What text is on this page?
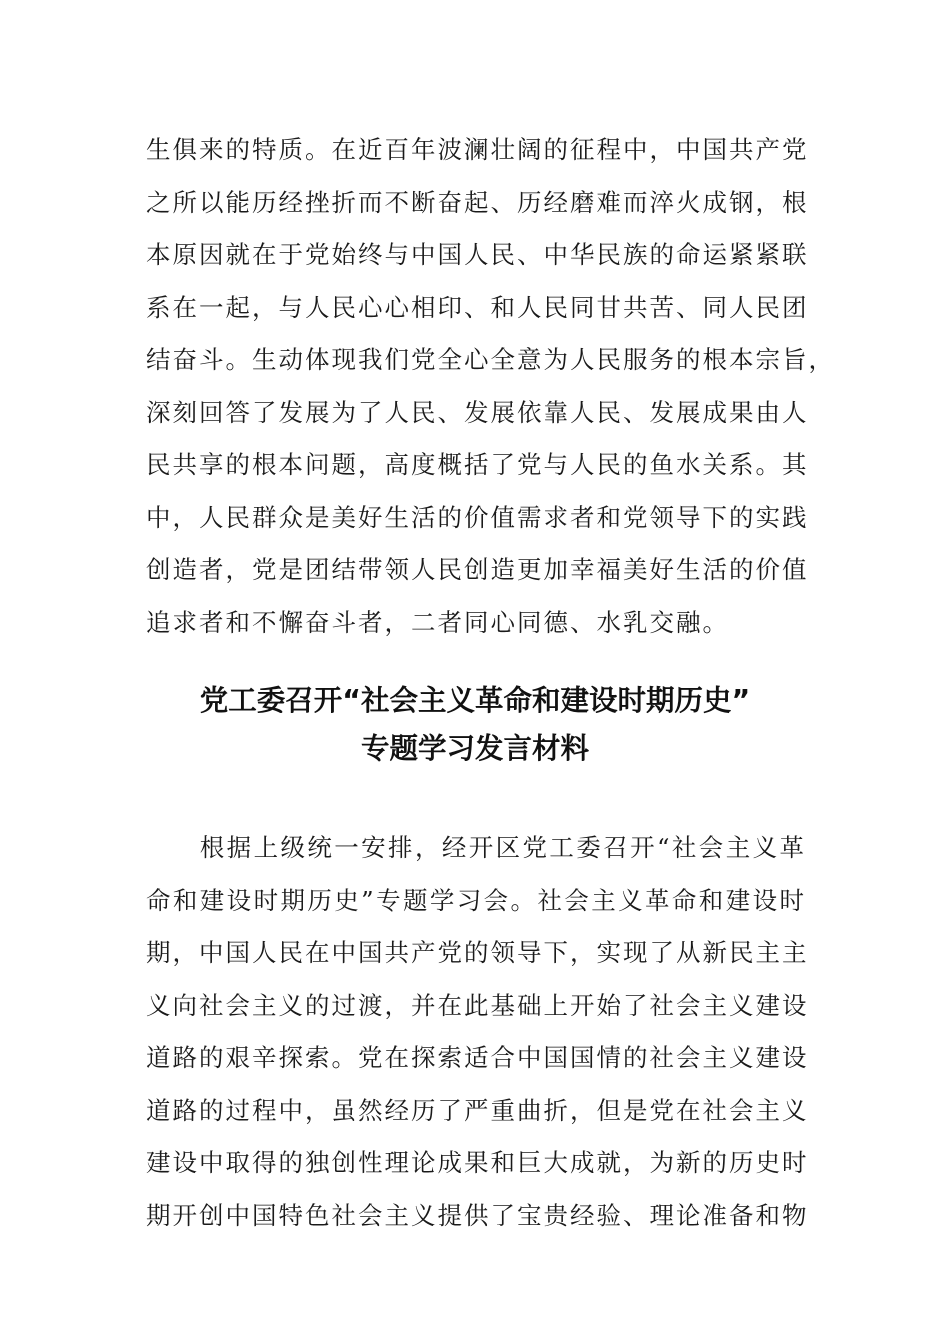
生俱来的特质。在近百年波澜壮阔的征程中，中国共产党
之所以能历经挫折而不断奋起、历经磨难而淬火成钢，根
本原因就在于党始终与中国人民、中华民族的命运紧紧联
系在一起，与人民心心相印、和人民同甘共苦、同人民团
结奋斗。生动体现我们党全心全意为人民服务的根本宗旨，
深刻回答了发展为了人民、发展依靠人民、发展成果由人
民共享的根本问题，高度概括了党与人民的鱼水关系。其
中，人民群众是美好生活的价值需求者和党领导下的实践
创造者，党是团结带领人民创造更加幸福美好生活的价值
追求者和不懈奋斗者，二者同心同德、水乳交融。
党工委召开“社会主义革命和建设时期历史”
专题学习发言材料
　　根据上级统一安排，经开区党工委召开“社会主义革
命和建设时期历史”专题学习会。社会主义革命和建设时
期，中国人民在中国共产党的领导下，实现了从新民主主
义向社会主义的过渡，并在此基础上开始了社会主义建设
道路的艰辛探索。党在探索适合中国国情的社会主义建设
道路的过程中，虽然经历了严重曲折，但是党在社会主义
建设中取得的独创性理论成果和巨大成就，为新的历史时
期开创中国特色社会主义提供了宝贵经验、理论准备和物
